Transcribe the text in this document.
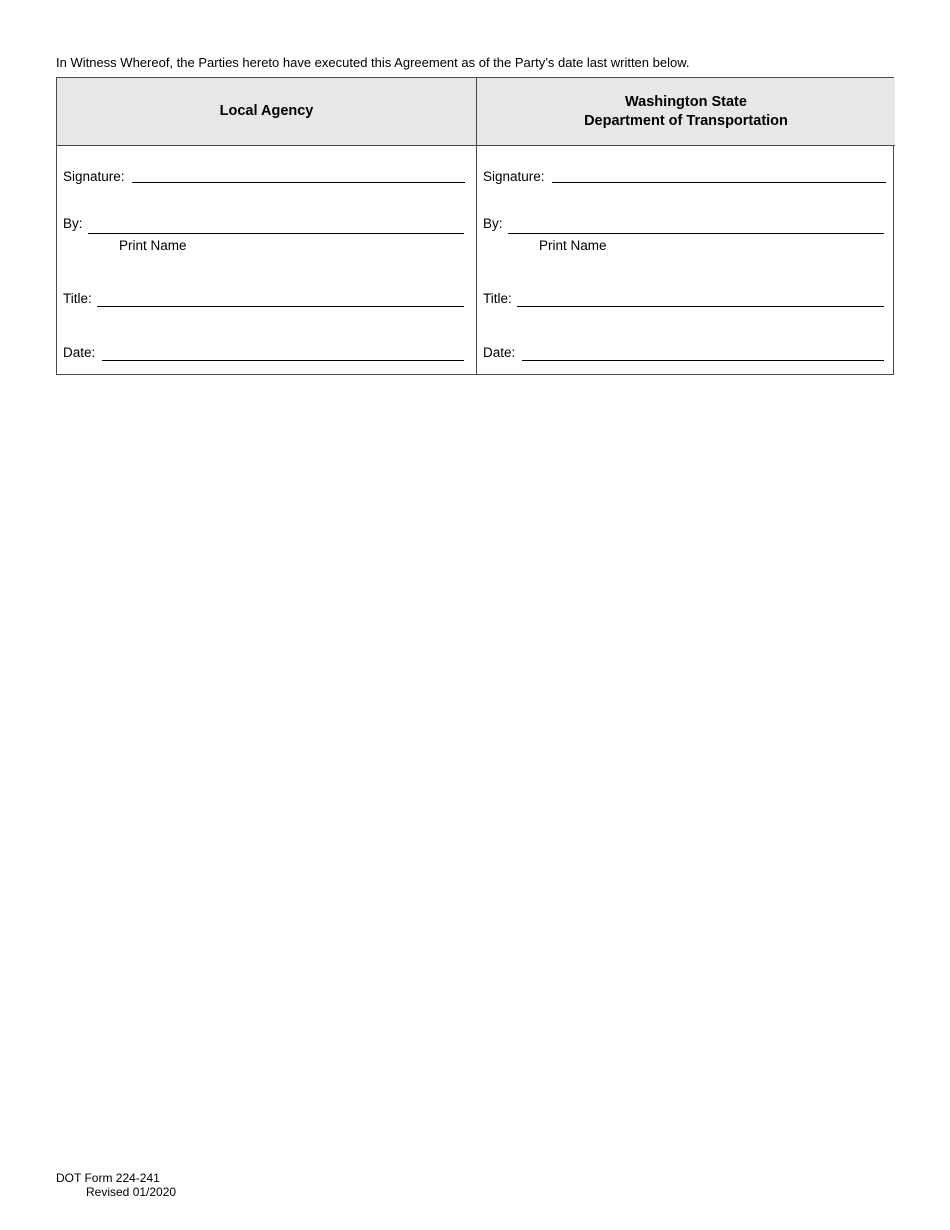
In Witness Whereof, the Parties hereto have executed this Agreement as of the Party’s date last written below.
Local Agency
Signature:
By:
Print Name
Title:
Date:
Washington State
Department of Transportation
Signature:
By:
Print Name
Title:
Date:
DOT Form 224-241
Revised 01/2020
